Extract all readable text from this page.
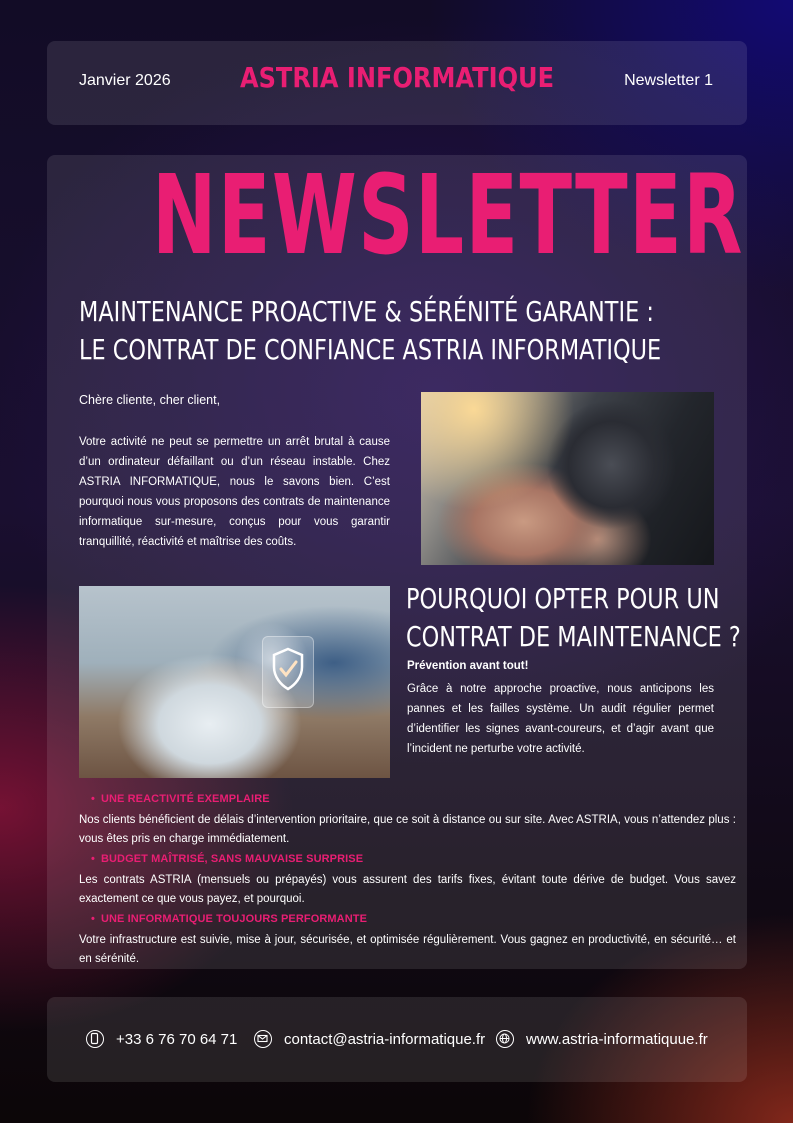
Janvier 2026	ASTRIA INFORMATIQUE	Newsletter 1
NEWSLETTER
MAINTENANCE PROACTIVE & SÉRÉNITÉ GARANTIE :
LE CONTRAT DE CONFIANCE ASTRIA INFORMATIQUE
Chère cliente, cher client,
Votre activité ne peut se permettre un arrêt brutal à cause d’un ordinateur défaillant ou d’un réseau instable. Chez ASTRIA INFORMATIQUE, nous le savons bien. C’est pourquoi nous vous proposons des contrats de maintenance informatique sur-mesure, conçus pour vous garantir tranquillité, réactivité et maîtrise des coûts.
POURQUOI OPTER POUR UN
CONTRAT DE MAINTENANCE ?
Prévention avant tout!
Grâce à notre approche proactive, nous anticipons les pannes et les failles système. Un audit régulier permet d’identifier les signes avant-coureurs, et d’agir avant que l’incident ne perturbe votre activité.
• UNE REACTIVITÉ EXEMPLAIRE
Nos clients bénéficient de délais d’intervention prioritaire, que ce soit à distance ou sur site. Avec ASTRIA, vous n’attendez plus : vous êtes pris en charge immédiatement.
• BUDGET MAÎTRISÉ, SANS MAUVAISE SURPRISE
Les contrats ASTRIA (mensuels ou prépayés) vous assurent des tarifs fixes, évitant toute dérive de budget. Vous savez exactement ce que vous payez, et pourquoi.
• UNE INFORMATIQUE TOUJOURS PERFORMANTE
Votre infrastructure est suivie, mise à jour, sécurisée, et optimisée régulièrement. Vous gagnez en productivité, en sécurité… et en sérénité.
+33 6 76 70 64 71	contact@astria-informatique.fr	www.astria-informatiquue.fr
